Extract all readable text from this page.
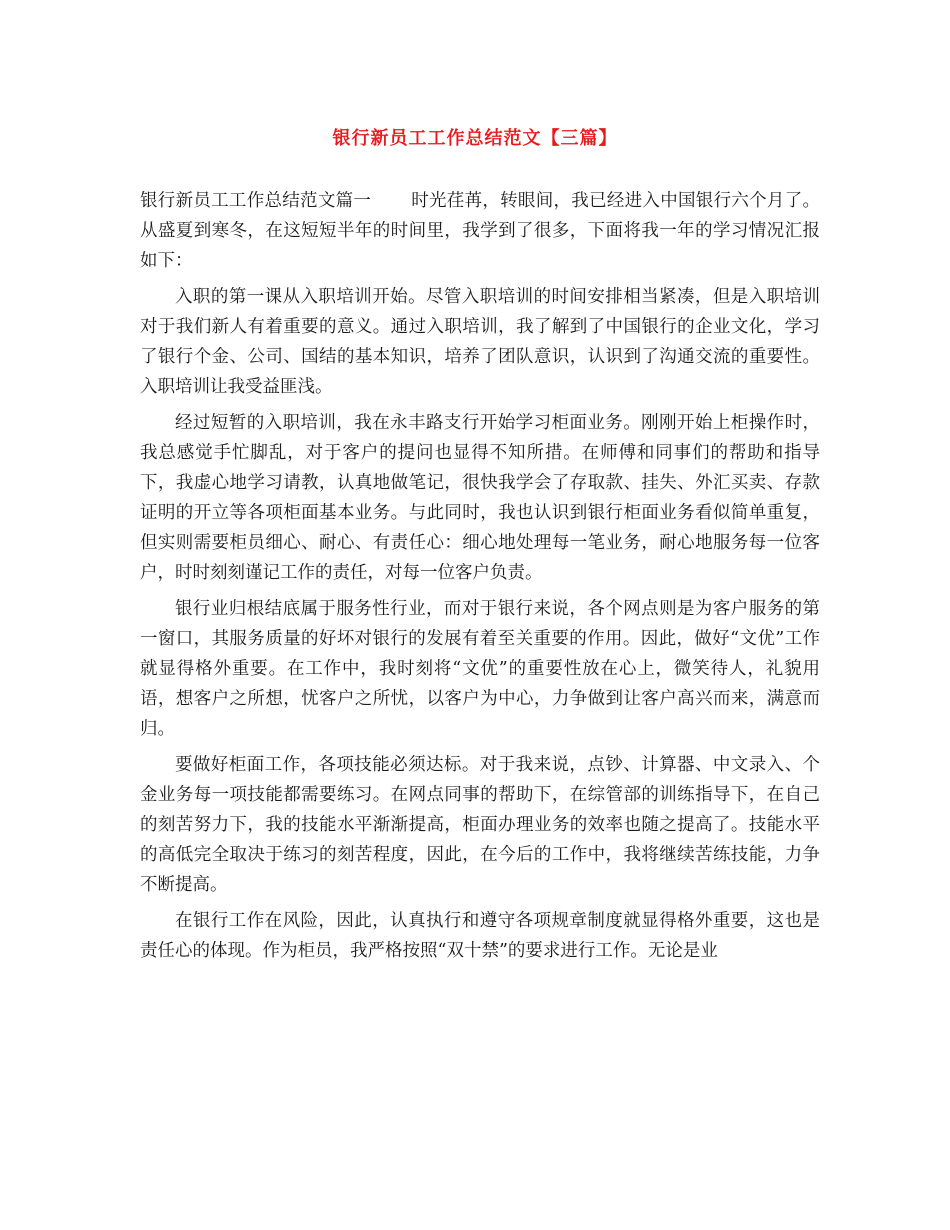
银行新员工工作总结范文【三篇】

银行新员工工作总结范文篇一 时光荏苒，转眼间，我已经进入中国银行六个月了。从盛夏到寒冬，在这短短半年的时间里，我学到了很多，下面将我一年的学习情况汇报如下：

入职的第一课从入职培训开始。尽管入职培训的时间安排相当紧凑，但是入职培训对于我们新人有着重要的意义。通过入职培训，我了解到了中国银行的企业文化，学习了银行个金、公司、国结的基本知识，培养了团队意识，认识到了沟通交流的重要性。入职培训让我受益匪浅。

经过短暂的入职培训，我在永丰路支行开始学习柜面业务。刚刚开始上柜操作时，我总感觉手忙脚乱，对于客户的提问也显得不知所措。在师傅和同事们的帮助和指导下，我虚心地学习请教，认真地做笔记，很快我学会了存取款、挂失、外汇买卖、存款证明的开立等各项柜面基本业务。与此同时，我也认识到银行柜面业务看似简单重复，但实则需要柜员细心、耐心、有责任心：细心地处理每一笔业务，耐心地服务每一位客户，时时刻刻谨记工作的责任，对每一位客户负责。

银行业归根结底属于服务性行业，而对于银行来说，各个网点则是为客户服务的第一窗口，其服务质量的好坏对银行的发展有着至关重要的作用。因此，做好“文优”工作就显得格外重要。在工作中，我时刻将“文优”的重要性放在心上，微笑待人，礼貌用语，想客户之所想，忧客户之所忧，以客户为中心，力争做到让客户高兴而来，满意而归。

要做好柜面工作，各项技能必须达标。对于我来说，点钞、计算器、中文录入、个金业务每一项技能都需要练习。在网点同事的帮助下，在综管部的训练指导下，在自己的刻苦努力下，我的技能水平渐渐提高，柜面办理业务的效率也随之提高了。技能水平的高低完全取决于练习的刻苦程度，因此，在今后的工作中，我将继续苦练技能，力争不断提高。

在银行工作在风险，因此，认真执行和遵守各项规章制度就显得格外重要，这也是责任心的体现。作为柜员，我严格按照“双十禁”的要求进行工作。无论是业
